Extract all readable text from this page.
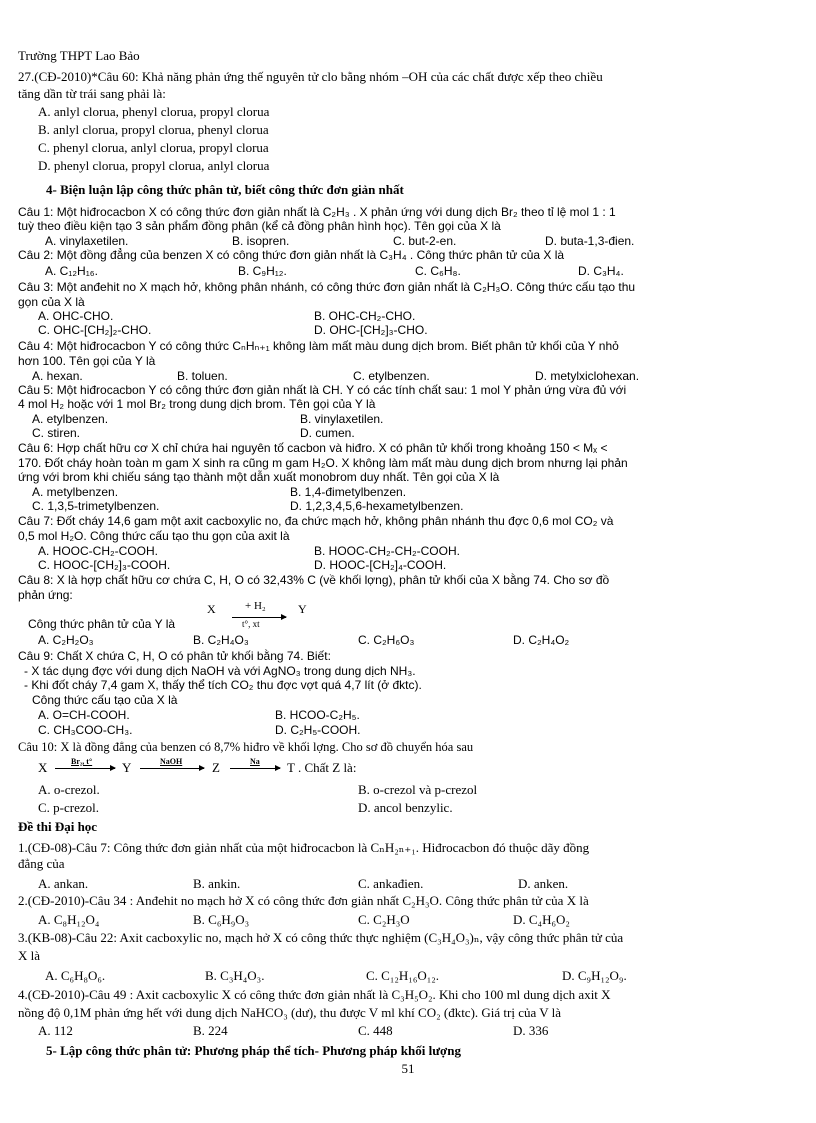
Trường THPT Lao Bảo
27.(CĐ-2010)*Câu 60: Khả năng phản ứng thế nguyên tử clo bằng nhóm –OH của các chất được xếp theo chiều
tăng dần từ trái sang phải là:
A. anlyl clorua, phenyl clorua, propyl clorua
B. anlyl clorua, propyl clorua, phenyl clorua
C. phenyl clorua, anlyl clorua, propyl clorua
D. phenyl clorua, propyl clorua, anlyl clorua
4- Biện luận lập công thức phân tử, biết công thức đơn giản nhất
Câu 1: Một hiđrocacbon X có công thức đơn giản nhất là C₂H₃ . X phản ứng với dung dịch Br₂ theo tỉ lệ mol 1 : 1
tuỳ theo điều kiện tạo 3 sản phẩm đồng phân (kể cả đồng phân hình học). Tên gọi của X là
A. vinylaxetilen.	B. isopren.	C. but-2-en.	D. buta-1,3-đien.
Câu 2: Một đồng đẳng của benzen X có công thức đơn giản nhất là C₃H₄ . Công thức phân tử của X là
A. C₁₂H₁₆.	B. C₉H₁₂.	C. C₆H₈.	D. C₃H₄.
Câu 3: Một anđehit no X mạch hở, không phân nhánh, có công thức đơn giản nhất là C₂H₃O. Công thức cấu tạo thu
gọn của X là
A. OHC-CHO.	B. OHC-CH₂-CHO.
C. OHC-[CH₂]₂-CHO.	D. OHC-[CH₂]₃-CHO.
Câu 4: Một hiđrocacbon Y có công thức CₙHₙ₊₁ không làm mất màu dung dịch brom. Biết phân tử khối của Y nhỏ
hơn 100. Tên gọi của Y là
A. hexan.	B. toluen.	C. etylbenzen.	D. metylxiclohexan.
Câu 5: Một hiđrocacbon Y có công thức đơn giản nhất là CH. Y có các tính chất sau: 1 mol Y phản ứng vừa đủ với
4 mol H₂ hoặc với 1 mol Br₂ trong dung dịch brom. Tên gọi của Y là
A. etylbenzen.	B. vinylaxetilen.
C. stiren.	D. cumen.
Câu 6: Hợp chất hữu cơ X chỉ chứa hai nguyên tố cacbon và hiđro. X có phân tử khối trong khoảng 150 < Mₓ <
170. Đốt cháy hoàn toàn m gam X sinh ra cũng m gam H₂O. X không làm mất màu dung dịch brom nhưng lại phản
ứng với brom khi chiếu sáng tạo thành một dẫn xuất monobrom duy nhất. Tên gọi của X là
A. metylbenzen.	B. 1,4-đimetylbenzen.
C. 1,3,5-trimetylbenzen.	D. 1,2,3,4,5,6-hexametylbenzen.
Câu 7: Đốt cháy 14,6 gam một axit cacboxylic no, đa chức mạch hở, không phân nhánh thu đợc 0,6 mol CO₂ và
0,5 mol H₂O. Công thức cấu tạo thu gọn của axit là
A. HOOC-CH₂-COOH.	B. HOOC-CH₂-CH₂-COOH.
C. HOOC-[CH₂]₃-COOH.	D. HOOC-[CH₂]₄-COOH.
Câu 8: X là hợp chất hữu cơ chứa C, H, O có 32,43% C (về khối lợng), phân tử khối của X bằng 74. Cho sơ đồ
phản ứng:
X	+ H₂
t°, xt
Y
Công thức phân tử của Y là
A. C₂H₂O₃	B. C₂H₄O₃	C. C₂H₆O₃	D. C₂H₄O₂
Câu 9: Chất X chứa C, H, O có phân tử khối bằng 74. Biết:
- X tác dụng đợc với dung dịch NaOH và với AgNO₃ trong dung dịch NH₃.
- Khi đốt cháy 7,4 gam X, thấy thể tích CO₂ thu đợc vợt quá 4,7 lít (ở đktc).
Công thức cấu tạo của X là
A. O=CH-COOH.	B. HCOO-C₂H₅.
C. CH₃COO-CH₃.	D. C₂H₅-COOH.
Câu 10: X là đồng đẳng của benzen có 8,7% hiđro về khối lợng. Cho sơ đồ chuyển hóa sau
X	Br₂, t° Y	NaOH Z	Na T . Chất Z là:
A. o-crezol.	B. o-crezol và p-crezol
C. p-crezol.	D. ancol benzylic.
Đề thi Đại học
1.(CĐ-08)-Câu 7: Công thức đơn giản nhất của một hiđrocacbon là CₙH₂ₙ₊₁. Hiđrocacbon đó thuộc dãy đồng
đẳng của
A. ankan.	B. ankin.	C. ankađien.	D. anken.
2.(CĐ-2010)-Câu 34 : Anđehit no mạch hở X có công thức đơn giản nhất C₂H₃O. Công thức phân tử của X là
A. C₈H₁₂O₄	B. C₆H₉O₃	C. C₂H₃O	D. C₄H₆O₂
3.(KB-08)-Câu 22: Axit cacboxylic no, mạch hở X có công thức thực nghiệm (C₃H₄O₃)ₙ, vậy công thức phân tử của
X là
A. C₆H₈O₆.	B. C₃H₄O₃.	C. C₁₂H₁₆O₁₂.	D. C₉H₁₂O₉.
4.(CĐ-2010)-Câu 49 : Axit cacboxylic X có công thức đơn giản nhất là C₃H₅O₂. Khi cho 100 ml dung dịch axit X
nồng độ 0,1M phản ứng hết với dung dịch NaHCO₃ (dư), thu được V ml khí CO₂ (đktc). Giá trị của V là
A. 112	B. 224	C. 448	D. 336
5- Lập công thức phân tử: Phương pháp thể tích- Phương pháp khối lượng
51
